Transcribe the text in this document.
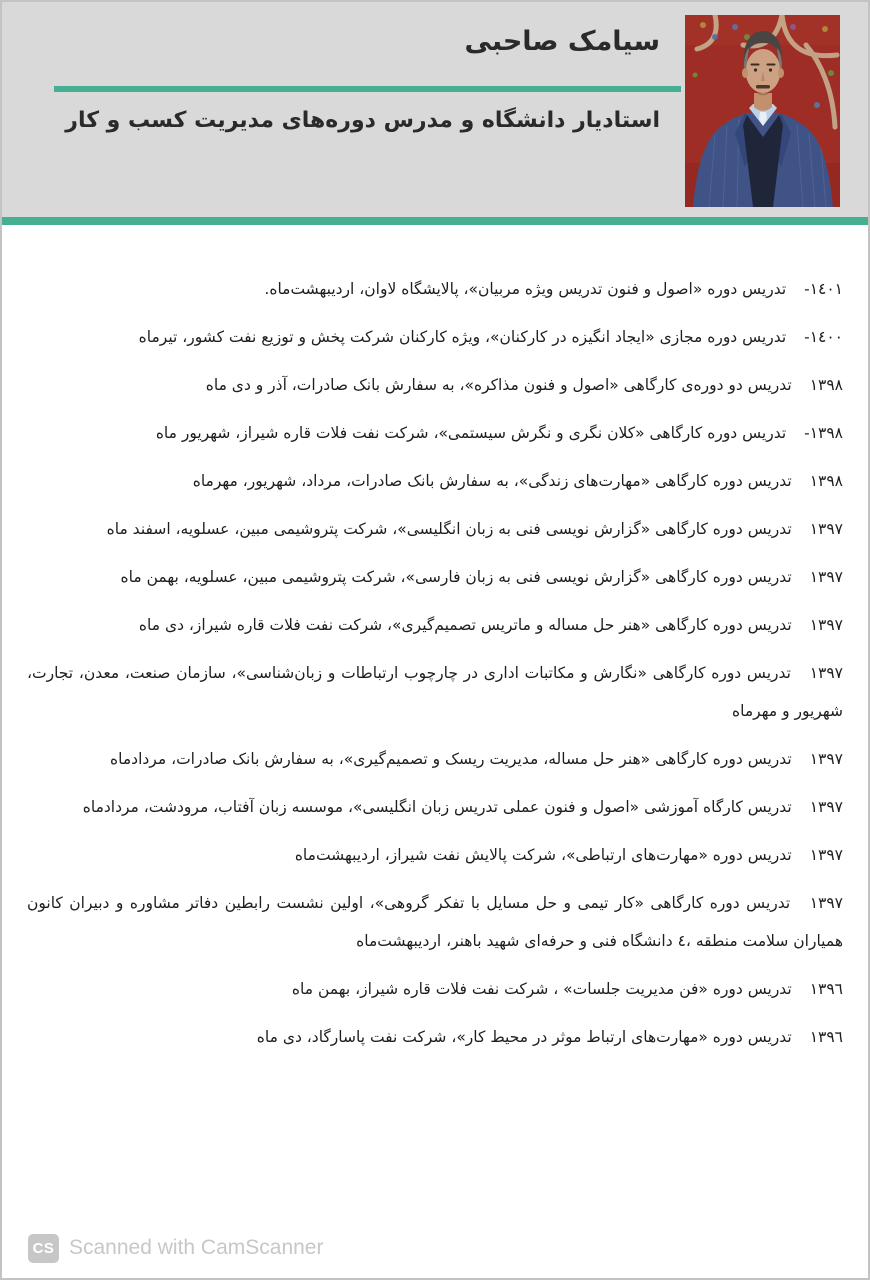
سیامک صاحبی
استادیار دانشگاه و مدرس دوره‌های مدیریت کسب و کار

١٤٠١- تدریس دوره «اصول و فنون تدریس ویژه مربیان»، پالایشگاه لاوان، اردیبهشت‌ماه.

١٤٠٠- تدریس دوره مجازی «ایجاد انگیزه در کارکنان»، ویژه کارکنان شرکت پخش و توزیع نفت کشور، تیرماه

١٣٩٨ تدریس دو دوره‌ی کارگاهی «اصول و فنون مذاکره»، به سفارش بانک صادرات، آذر و دی ماه

١٣٩٨- تدریس دوره کارگاهی «کلان نگری و نگرش سیستمی»، شرکت نفت فلات قاره شیراز، شهریور ماه

١٣٩٨ تدریس دوره کارگاهی «مهارت‌های زندگی»، به سفارش بانک صادرات، مرداد، شهریور، مهرماه

١٣٩٧ تدریس دوره کارگاهی «گزارش نویسی فنی به زبان انگلیسی»، شرکت پتروشیمی مبین، عسلویه، اسفند ماه

١٣٩٧ تدریس دوره کارگاهی «گزارش نویسی فنی به زبان فارسی»، شرکت پتروشیمی مبین، عسلویه، بهمن ماه

١٣٩٧ تدریس دوره کارگاهی «هنر حل مساله و ماتریس تصمیم‌گیری»، شرکت نفت فلات قاره شیراز، دی ماه

١٣٩٧ تدریس دوره کارگاهی «نگارش و مکاتبات اداری در چارچوب ارتباطات و زبان‌شناسی»، سازمان صنعت، معدن، تجارت، شهریور و مهرماه

١٣٩٧ تدریس دوره کارگاهی «هنر حل مساله، مدیریت ریسک و تصمیم‌گیری»، به سفارش بانک صادرات، مردادماه

١٣٩٧ تدریس کارگاه آموزشی «اصول و فنون عملی تدریس زبان انگلیسی»، موسسه زبان آفتاب، مرودشت، مردادماه

١٣٩٧ تدریس دوره «مهارت‌های ارتباطی»، شرکت پالایش نفت شیراز، اردیبهشت‌ماه

١٣٩٧ تدریس دوره کارگاهی «کار تیمی و حل مسایل با تفکر گروهی»، اولین نشست رابطین دفاتر مشاوره و دبیران کانون همیاران سلامت منطقه ،٤ دانشگاه فنی و حرفه‌ای شهید باهنر، اردیبهشت‌ماه

١٣٩٦ تدریس دوره «فن مدیریت جلسات» ، شرکت نفت فلات قاره شیراز، بهمن ماه

١٣٩٦ تدریس دوره «مهارت‌های ارتباط موثر در محیط کار»، شرکت نفت پاسارگاد، دی ماه

CS Scanned with CamScanner
